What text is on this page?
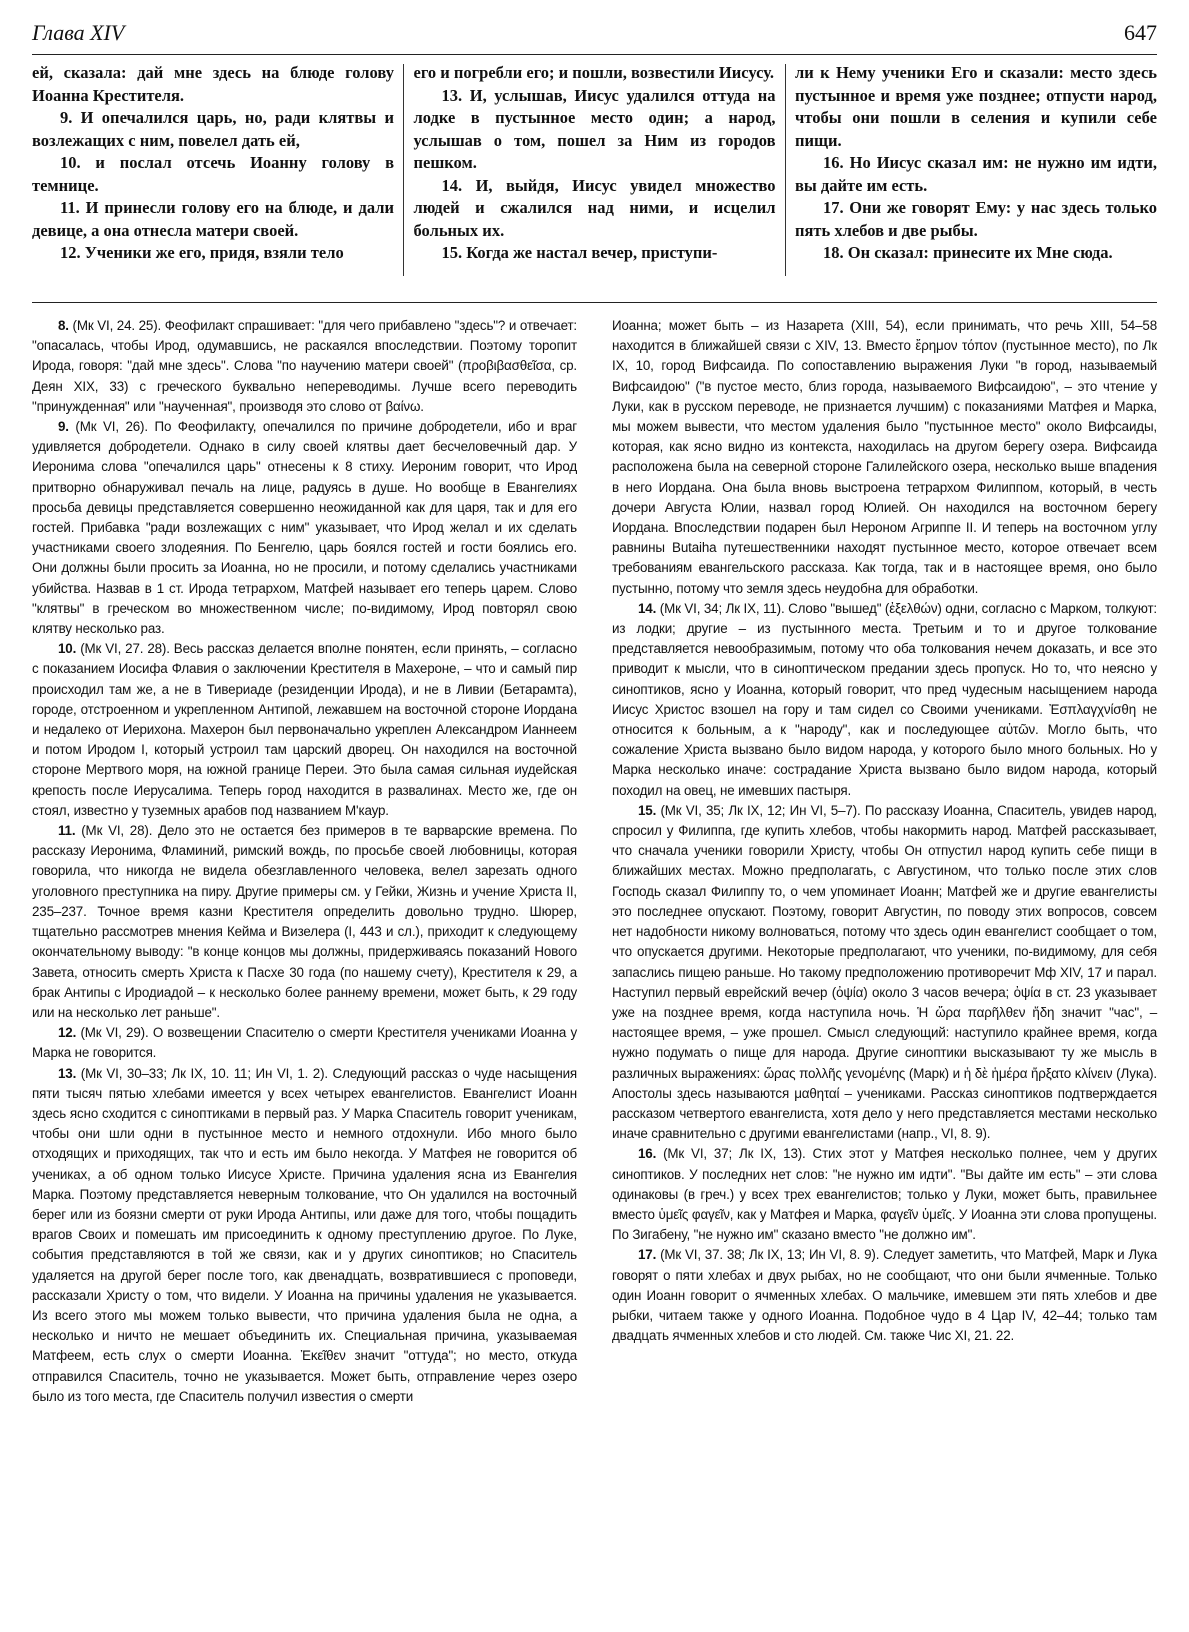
Глава XIV	647

ей, сказала: дай мне здесь на блюде голову Иоанна Крестителя.

9. И опечалился царь, но, ради клятвы и возлежащих с ним, повелел дать ей,

10. и послал отсечь Иоанну голову в темнице.

11. И принесли голову его на блюде, и дали девице, а она отнесла матери своей.

12. Ученики же его, придя, взяли тело

его и погребли его; и пошли, возвестили Иисусу.

13. И, услышав, Иисус удалился оттуда на лодке в пустынное место один; а народ, услышав о том, пошел за Ним из городов пешком.

14. И, выйдя, Иисус увидел множество людей и сжалился над ними, и исцелил больных их.

15. Когда же настал вечер, приступи-

ли к Нему ученики Его и сказали: место здесь пустынное и время уже позднее; отпусти народ, чтобы они пошли в селения и купили себе пищи.

16. Но Иисус сказал им: не нужно им идти, вы дайте им есть.

17. Они же говорят Ему: у нас здесь только пять хлебов и две рыбы.

18. Он сказал: принесите их Мне сюда.

8. (Мк VI, 24. 25). Феофилакт спрашивает: "для чего прибавлено "здесь"? и отвечает: "опасалась, чтобы Ирод, одумавшись, не раскаялся впоследствии. Поэтому торопит Ирода, говоря: "дай мне здесь". Слова "по научению матери своей" (προβιβασθεῖσα, ср. Деян XIX, 33) с греческого буквально непереводимы. Лучше всего переводить "принужденная" или "наученная", производя это слово от βαίνω.

9. (Мк VI, 26). По Феофилакту, опечалился по причине добродетели, ибо и враг удивляется добродетели. Однако в силу своей клятвы дает бесчеловечный дар. У Иеронима слова "опечалился царь" отнесены к 8 стиху. Иероним говорит, что Ирод притворно обнаруживал печаль на лице, радуясь в душе. Но вообще в Евангелиях просьба девицы представляется совершенно неожиданной как для царя, так и для его гостей. Прибавка "ради возлежащих с ним" указывает, что Ирод желал и их сделать участниками своего злодеяния. По Бенгелю, царь боялся гостей и гости боялись его. Они должны были просить за Иоанна, но не просили, и потому сделались участниками убийства. Назвав в 1 ст. Ирода тетрархом, Матфей называет его теперь царем. Слово "клятвы" в греческом во множественном числе; по-видимому, Ирод повторял свою клятву несколько раз.

10. (Мк VI, 27. 28). Весь рассказ делается вполне понятен, если принять, – согласно с показанием Иосифа Флавия о заключении Крестителя в Махероне, – что и самый пир происходил там же, а не в Тивериаде (резиденции Ирода), и не в Ливии (Бетарамта), городе, отстроенном и укрепленном Антипой, лежавшем на восточной стороне Иордана и недалеко от Иерихона. Махерон был первоначально укреплен Александром Ианнеем и потом Иродом I, который устроил там царский дворец. Он находился на восточной стороне Мертвого моря, на южной границе Переи. Это была самая сильная иудейская крепость после Иерусалима. Теперь город находится в развалинах. Место же, где он стоял, известно у туземных арабов под названием М'каур.

11. (Мк VI, 28). Дело это не остается без примеров в те варварские времена. По рассказу Иеронима, Фламиний, римский вождь, по просьбе своей любовницы, которая говорила, что никогда не видела обезглавленного человека, велел зарезать одного уголовного преступника на пиру. Другие примеры см. у Гейки, Жизнь и учение Христа II, 235–237. Точное время казни Крестителя определить довольно трудно. Шюрер, тщательно рассмотрев мнения Кейма и Визелера (I, 443 и сл.), приходит к следующему окончательному выводу: "в конце концов мы должны, придерживаясь показаний Нового Завета, относить смерть Христа к Пасхе 30 года (по нашему счету), Крестителя к 29, а брак Антипы с Иродиадой – к несколько более раннему времени, может быть, к 29 году или на несколько лет раньше".

12. (Мк VI, 29). О возвещении Спасителю о смерти Крестителя учениками Иоанна у Марка не говорится.

13. (Мк VI, 30–33; Лк IX, 10. 11; Ин VI, 1. 2). Следующий рассказ о чуде насыщения пяти тысяч пятью хлебами имеется у всех четырех евангелистов. Евангелист Иоанн здесь ясно сходится с синоптиками в первый раз. У Марка Спаситель говорит ученикам, чтобы они шли одни в пустынное место и немного отдохнули. Ибо много было отходящих и приходящих, так что и есть им было некогда. У Матфея не говорится об учениках, а об одном только Иисусе Христе. Причина удаления ясна из Евангелия Марка. Поэтому представляется неверным толкование, что Он удалился на восточный берег или из боязни смерти от руки Ирода Антипы, или даже для того, чтобы пощадить врагов Своих и помешать им присоединить к одному преступлению другое. По Луке, события представляются в той же связи, как и у других синоптиков; но Спаситель удаляется на другой берег после того, как двенадцать, возвратившиеся с проповеди, рассказали Христу о том, что видели. У Иоанна на причины удаления не указывается. Из всего этого мы можем только вывести, что причина удаления была не одна, а несколько и ничто не мешает объединить их. Специальная причина, указываемая Матфеем, есть слух о смерти Иоанна. Ἐκεῖθεν значит "оттуда"; но место, откуда отправился Спаситель, точно не указывается. Может быть, отправление через озеро было из того места, где Спаситель получил известия о смерти

Иоанна; может быть – из Назарета (XIII, 54), если принимать, что речь XIII, 54–58 находится в ближайшей связи с XIV, 13. Вместо ἔρημον τόπον (пустынное место), по Лк IX, 10, город Вифсаида. По сопоставлению выражения Луки "в город, называемый Вифсаидою" ("в пустое место, близ города, называемого Вифсаидою", – это чтение у Луки, как в русском переводе, не признается лучшим) с показаниями Матфея и Марка, мы можем вывести, что местом удаления было "пустынное место" около Вифсаиды, которая, как ясно видно из контекста, находилась на другом берегу озера. Вифсаида расположена была на северной стороне Галилейского озера, несколько выше впадения в него Иордана. Она была вновь выстроена тетрархом Филиппом, который, в честь дочери Августа Юлии, назвал город Юлией. Он находился на восточном берегу Иордана. Впоследствии подарен был Нероном Агриппе II. И теперь на восточном углу равнины Butaiha путешественники находят пустынное место, которое отвечает всем требованиям евангельского рассказа. Как тогда, так и в настоящее время, оно было пустынно, потому что земля здесь неудобна для обработки.

14. (Мк VI, 34; Лк IX, 11). Слово "вышед" (ἐξελθών) одни, согласно с Марком, толкуют: из лодки; другие – из пустынного места. Третьим и то и другое толкование представляется невообразимым, потому что оба толкования нечем доказать, и все это приводит к мысли, что в синоптическом предании здесь пропуск. Но то, что неясно у синоптиков, ясно у Иоанна, который говорит, что пред чудесным насыщением народа Иисус Христос взошел на гору и там сидел со Своими учениками. Ἐσπλαγχνίσθη не относится к больным, а к "народу", как и последующее αὐτῶν. Могло быть, что сожаление Христа вызвано было видом народа, у которого было много больных. Но у Марка несколько иначе: сострадание Христа вызвано было видом народа, который походил на овец, не имевших пастыря.

15. (Мк VI, 35; Лк IX, 12; Ин VI, 5–7). По рассказу Иоанна, Спаситель, увидев народ, спросил у Филиппа, где купить хлебов, чтобы накормить народ. Матфей рассказывает, что сначала ученики говорили Христу, чтобы Он отпустил народ купить себе пищи в ближайших местах. Можно предполагать, с Августином, что только после этих слов Господь сказал Филиппу то, о чем упоминает Иоанн; Матфей же и другие евангелисты это последнее опускают. Поэтому, говорит Августин, по поводу этих вопросов, совсем нет надобности никому волноваться, потому что здесь один евангелист сообщает о том, что опускается другими. Некоторые предполагают, что ученики, по-видимому, для себя запаслись пищею раньше. Но такому предположению противоречит Мф XIV, 17 и парал. Наступил первый еврейский вечер (ὀψία) около 3 часов вечера; ὀψία в ст. 23 указывает уже на позднее время, когда наступила ночь. Ἡ ὥρα παρῆλθεν ἤδη значит "час", – настоящее время, – уже прошел. Смысл следующий: наступило крайнее время, когда нужно подумать о пище для народа. Другие синоптики высказывают ту же мысль в различных выражениях: ὥρας πολλῆς γενομένης (Марк) и ἡ δὲ ἡμέρα ἤρξατο κλίνειν (Лука). Апостолы здесь называются μαθηταί – учениками. Рассказ синоптиков подтверждается рассказом четвертого евангелиста, хотя дело у него представляется местами несколько иначе сравнительно с другими евангелистами (напр., VI, 8. 9).

16. (Мк VI, 37; Лк IX, 13). Стих этот у Матфея несколько полнее, чем у других синоптиков. У последних нет слов: "не нужно им идти". "Вы дайте им есть" – эти слова одинаковы (в греч.) у всех трех евангелистов; только у Луки, может быть, правильнее вместо ὑμεῖς φαγεῖν, как у Матфея и Марка, φαγεῖν ὑμεῖς. У Иоанна эти слова пропущены. По Зигабену, "не нужно им" сказано вместо "не должно им".

17. (Мк VI, 37. 38; Лк IX, 13; Ин VI, 8. 9). Следует заметить, что Матфей, Марк и Лука говорят о пяти хлебах и двух рыбах, но не сообщают, что они были ячменные. Только один Иоанн говорит о ячменных хлебах. О мальчике, имевшем эти пять хлебов и две рыбки, читаем также у одного Иоанна. Подобное чудо в 4 Цар IV, 42–44; только там двадцать ячменных хлебов и сто людей. См. также Чис XI, 21. 22.
